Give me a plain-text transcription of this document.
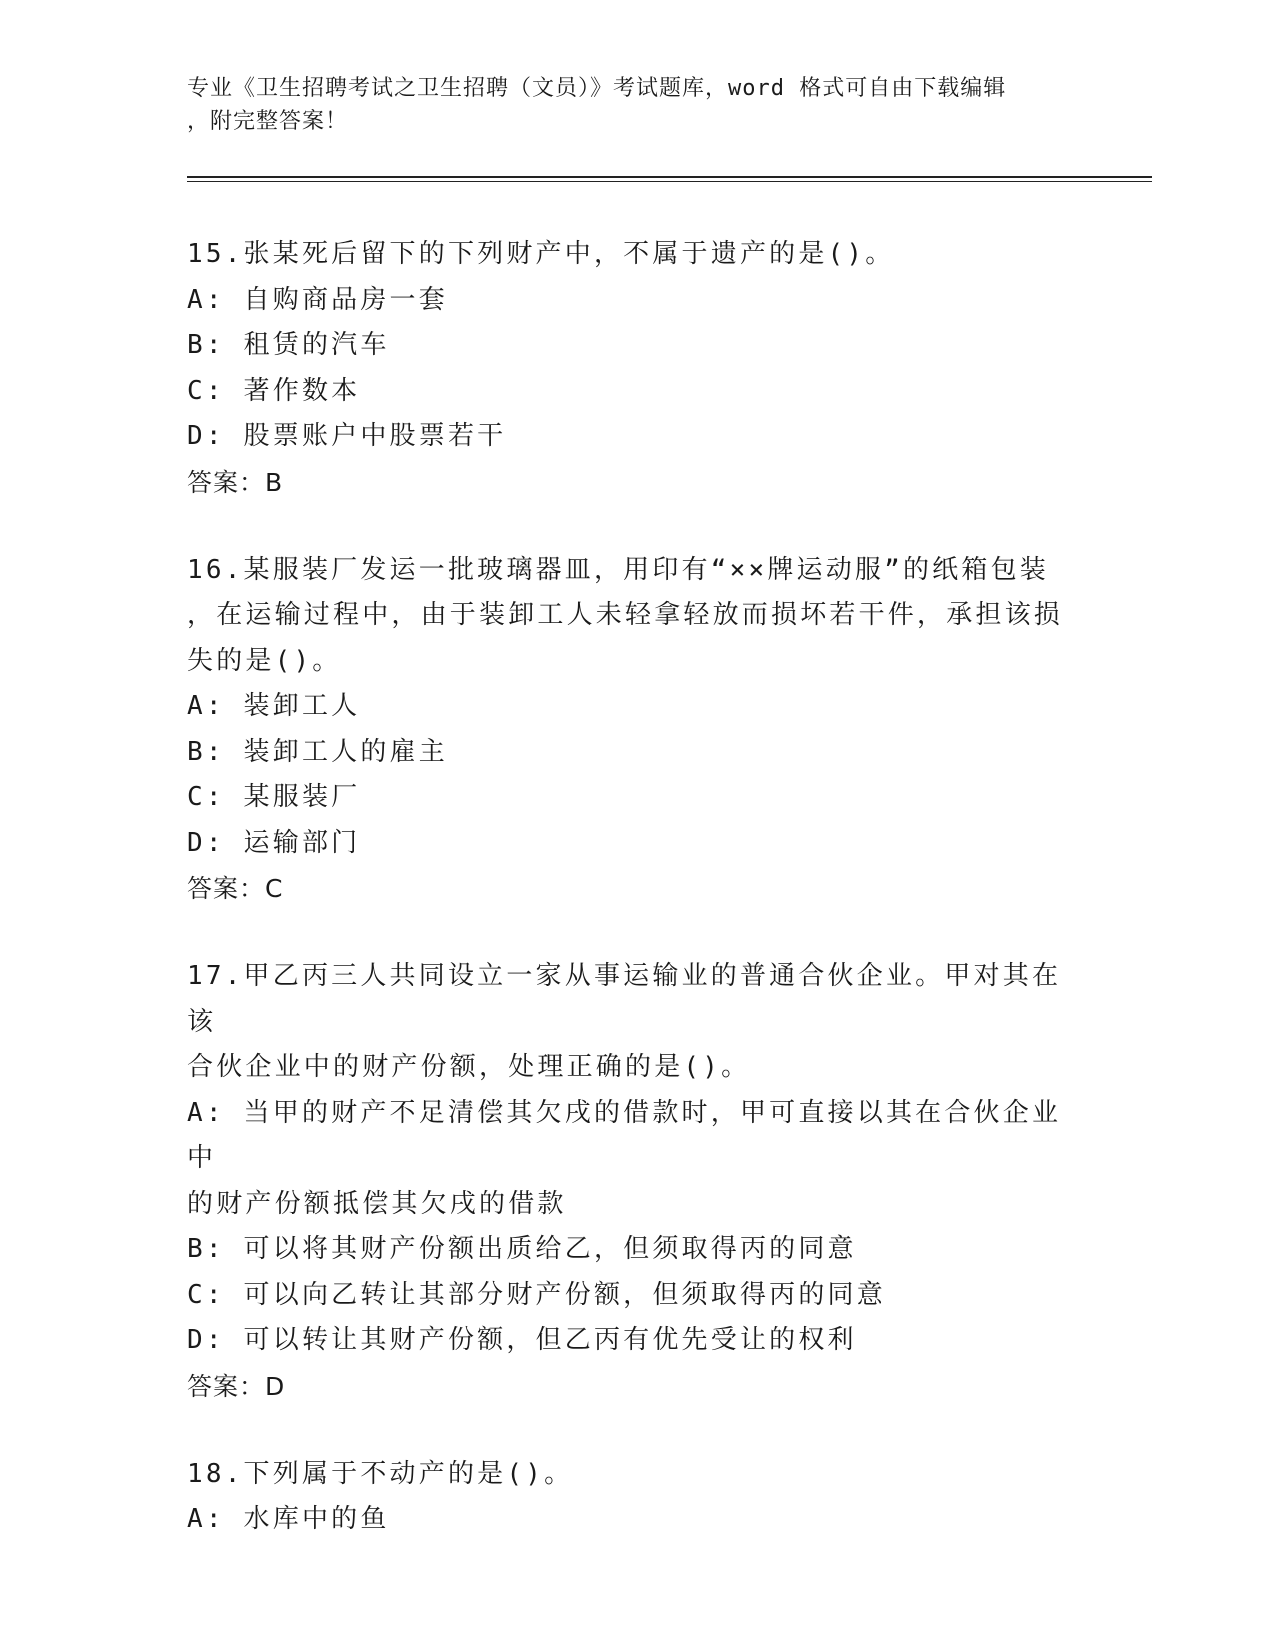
专业《卫生招聘考试之卫生招聘（文员）》考试题库，word 格式可自由下载编辑
，附完整答案！
15.张某死后留下的下列财产中，不属于遗产的是()。
A: 自购商品房一套
B: 租赁的汽车
C: 著作数本
D: 股票账户中股票若干
答案：B
16.某服装厂发运一批玻璃器皿，用印有“××牌运动服”的纸箱包装
，在运输过程中，由于装卸工人未轻拿轻放而损坏若干件，承担该损
失的是()。
A: 装卸工人
B: 装卸工人的雇主
C: 某服装厂
D: 运输部门
答案：C
17.甲乙丙三人共同设立一家从事运输业的普通合伙企业。甲对其在该
合伙企业中的财产份额，处理正确的是()。
A: 当甲的财产不足清偿其欠戌的借款时，甲可直接以其在合伙企业中
的财产份额抵偿其欠戌的借款
B: 可以将其财产份额出质给乙，但须取得丙的同意
C: 可以向乙转让其部分财产份额，但须取得丙的同意
D: 可以转让其财产份额，但乙丙有优先受让的权利
答案：D
18.下列属于不动产的是()。
A: 水库中的鱼
